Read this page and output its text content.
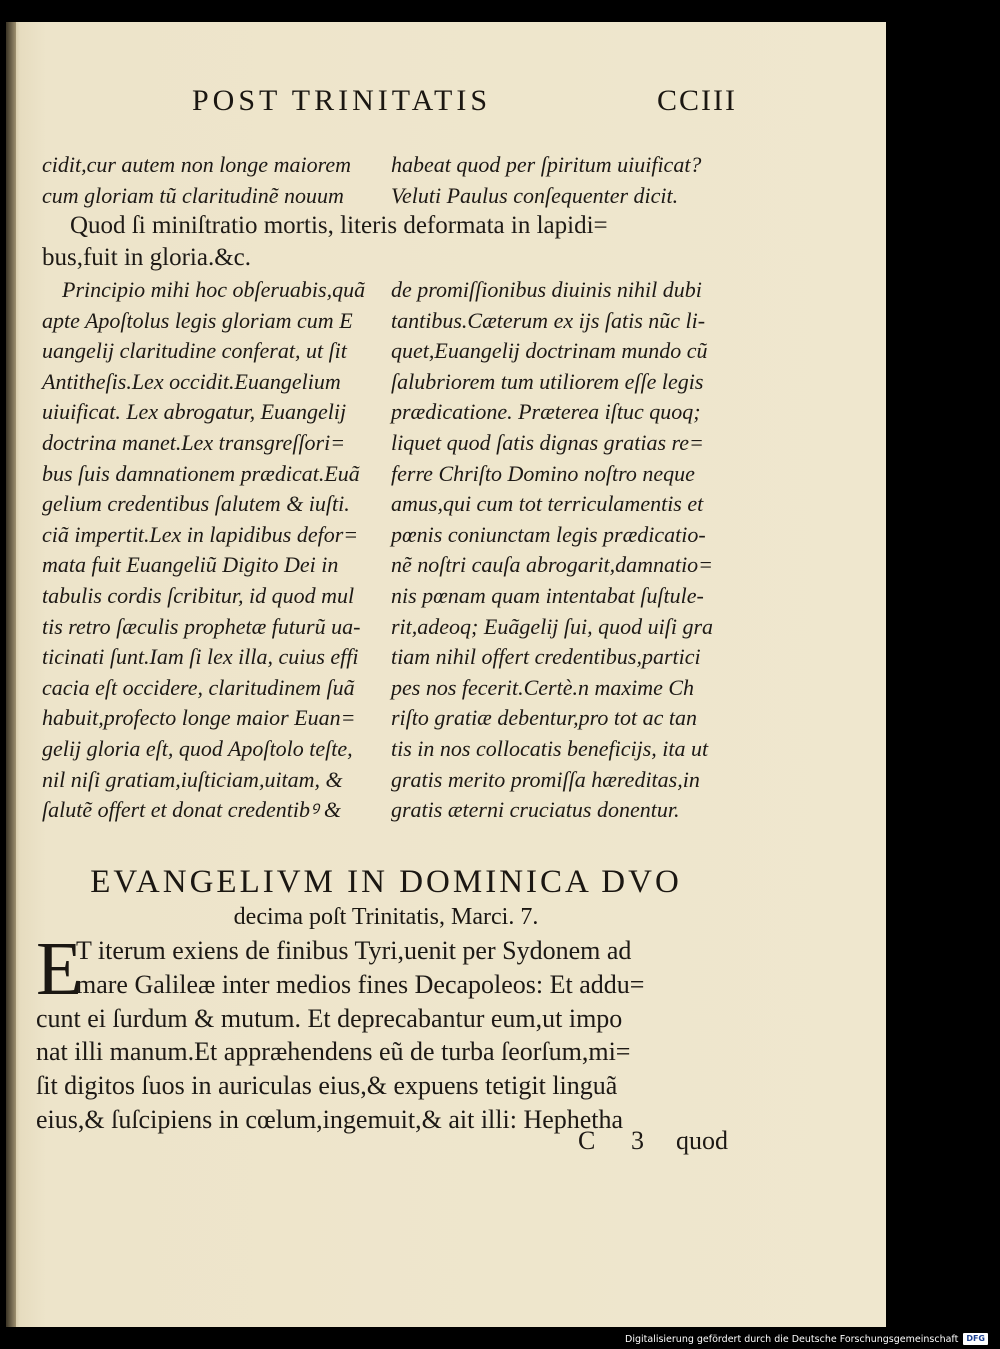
POST TRINITATIS	CCIII
cidit,cur autem non longe maiorem
cum gloriam tũ claritudinẽ nouum
habeat quod per ſpiritum uiuificat?
Veluti Paulus conſequenter dicit.
Quod ſi miniſtratio mortis, literis deformata in lapidi=
bus,fuit in gloria.&c.
Principio mihi hoc obſeruabis,quã
apte Apoſtolus legis gloriam cum E
uangelij claritudine conferat, ut ſit
Antitheſis.Lex occidit.Euangelium
uiuificat. Lex abrogatur, Euangelij
doctrina manet.Lex transgreſſori=
bus ſuis damnationem prædicat.Euã
gelium credentibus ſalutem & iuſti.
ciã impertit.Lex in lapidibus defor=
mata fuit Euangeliũ Digito Dei in
tabulis cordis ſcribitur, id quod mul
tis retro ſæculis prophetæ futurũ ua-
ticinati ſunt.Iam ſi lex illa, cuius effi
cacia eſt occidere, claritudinem ſuã
habuit,profecto longe maior Euan=
gelij gloria eſt, quod Apoſtolo teſte,
nil niſi gratiam,iuſticiam,uitam, &
ſalutẽ offert et donat credentibꝰ &
de promiſſionibus diuinis nihil dubi
tantibus.Cæterum ex ijs ſatis nũc li-
quet,Euangelij doctrinam mundo cũ
ſalubriorem tum utiliorem eſſe legis
prædicatione. Præterea iſtuc quoq;
liquet quod ſatis dignas gratias re=
ferre Chriſto Domino noſtro neque
amus,qui cum tot terriculamentis et
pœnis coniunctam legis prædicatio-
nẽ noſtri cauſa abrogarit,damnatio=
nis pœnam quam intentabat ſuſtule-
rit,adeoq; Euãgelij ſui, quod uiſi gra
tiam nihil offert credentibus,partici
pes nos fecerit.Certè.n maxime Ch
riſto gratiæ debentur,pro tot ac tan
tis in nos collocatis beneficijs, ita ut
gratis merito promiſſa hæreditas,in
gratis æterni cruciatus donentur.
EVANGELIVM IN DOMINICA DVO
decima poſt Trinitatis, Marci. 7.
E
T iterum exiens de finibus Tyri,uenit per Sydonem ad
mare Galileæ inter medios fines Decapoleos: Et addu=
cunt ei ſurdum & mutum. Et deprecabantur eum,ut impo
nat illi manum.Et appræhendens eũ de turba ſeorſum,mi=
ſit digitos ſuos in auriculas eius,& expuens tetigit linguã
eius,& ſuſcipiens in cœlum,ingemuit,& ait illi: Hephetha
C 3 quod
Digitalisierung gefördert durch die Deutsche Forschungsgemeinschaft	DFG
